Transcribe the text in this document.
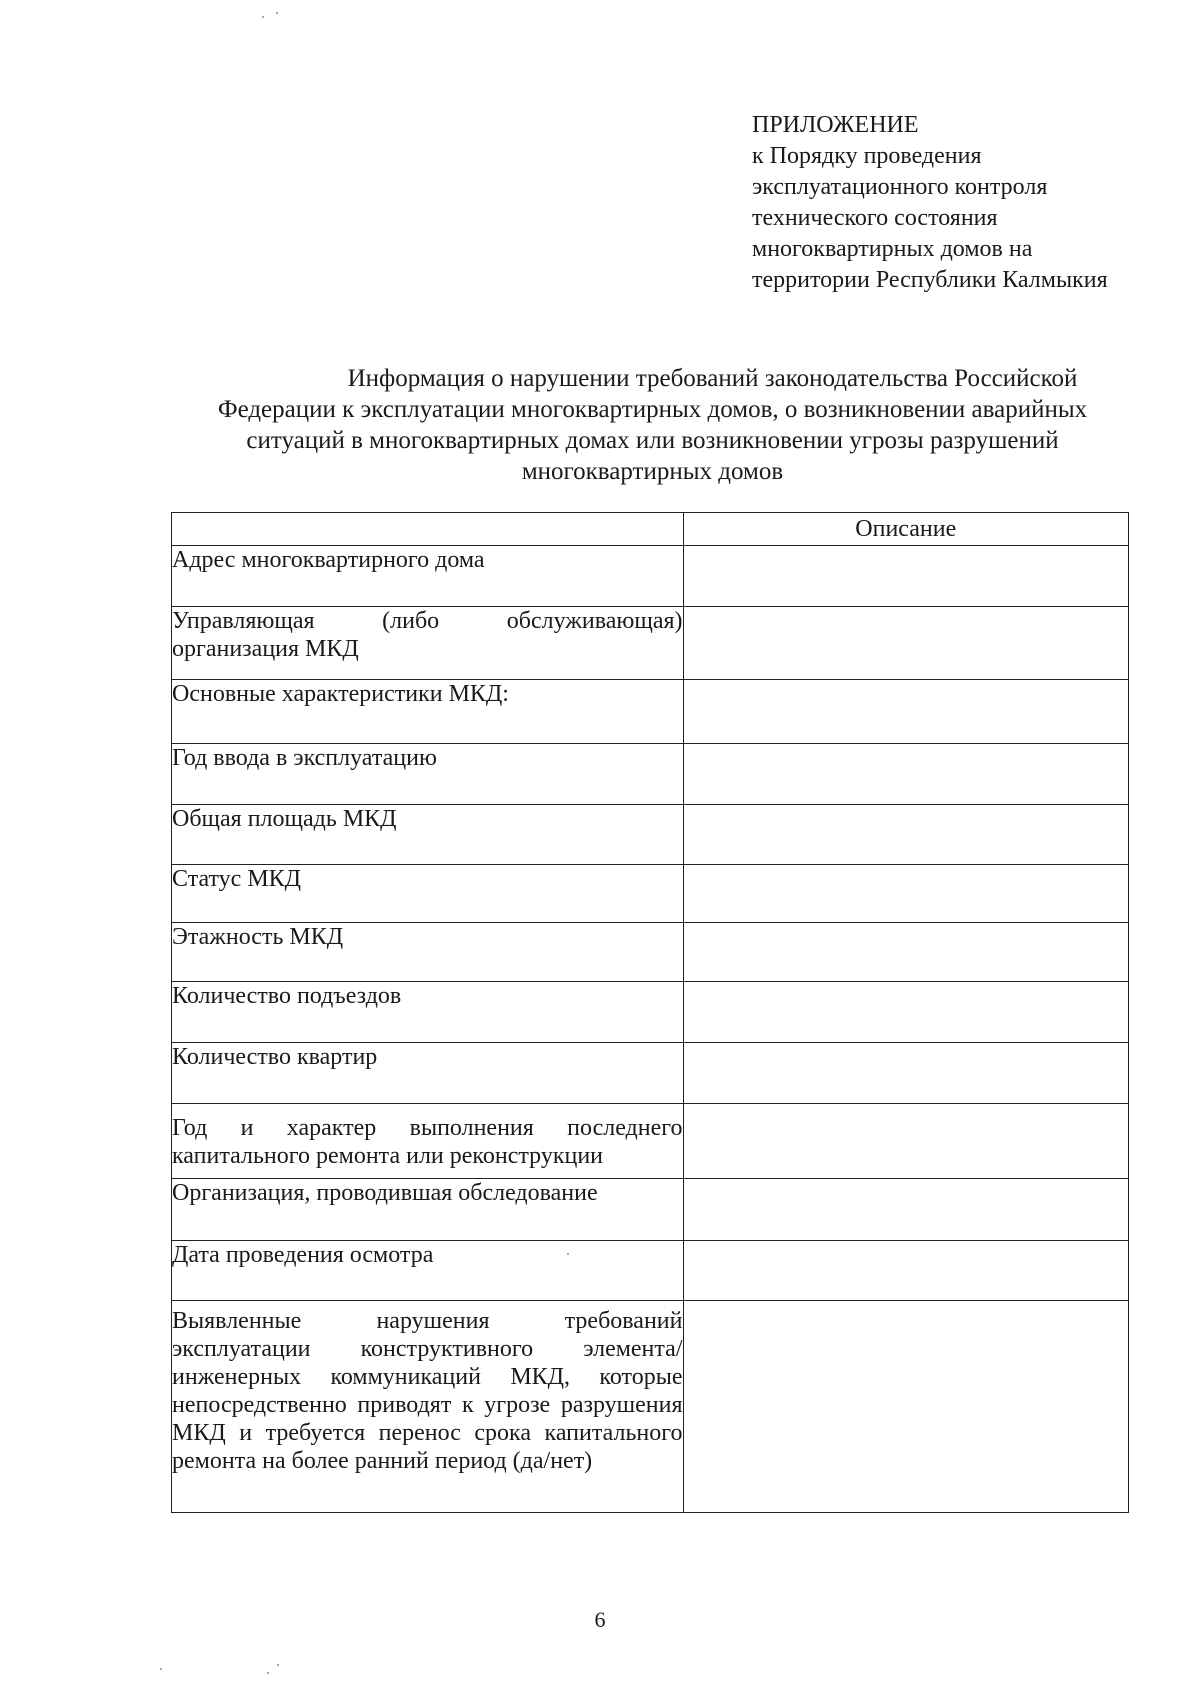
ПРИЛОЖЕНИЕ
к Порядку проведения
эксплуатационного контроля
технического состояния
многоквартирных домов на
территории Республики Калмыкия
Информация о нарушении требований законодательства Российской
Федерации к эксплуатации многоквартирных домов, о возникновении аварийных
ситуаций в многоквартирных домах или возникновении угрозы разрушений
многоквартирных домов
	Описание
Адрес многоквартирного дома	
Управляющая (либо обслуживающая) организация МКД	
Основные характеристики МКД:	
Год ввода в эксплуатацию	
Общая площадь МКД	
Статус МКД	
Этажность МКД	
Количество подъездов	
Количество квартир	
Год и характер выполнения последнего капитального ремонта или реконструкции	
Организация, проводившая обследование	
Дата проведения осмотра	
Выявленные нарушения требований эксплуатации конструктивного элемента/инженерных коммуникаций МКД, которые непосредственно приводят к угрозе разрушения МКД и требуется перенос срока капитального ремонта на более ранний период (да/нет)	
6
